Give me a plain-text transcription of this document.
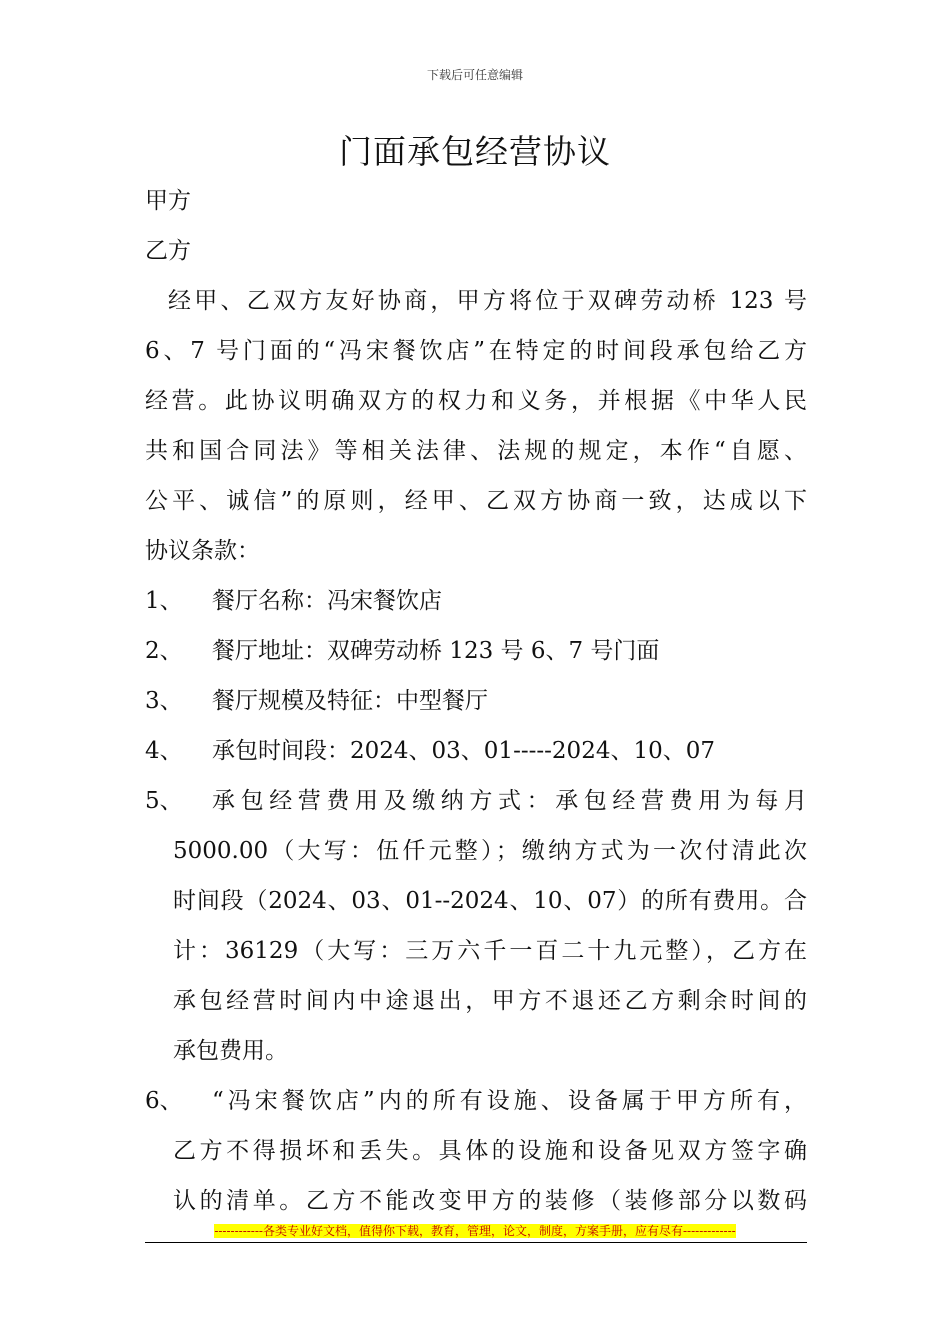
下载后可任意编辑
门面承包经营协议
甲方
乙方
经甲、乙双方友好协商，甲方将位于双碑劳动桥 123 号
6、7 号门面的“冯宋餐饮店”在特定的时间段承包给乙方
经营。此协议明确双方的权力和义务，并根据《中华人民
共和国合同法》等相关法律、法规的规定，本作“自愿、
公平、诚信”的原则，经甲、乙双方协商一致，达成以下
协议条款：
1、 餐厅名称：冯宋餐饮店
2、 餐厅地址：双碑劳动桥 123 号 6、7 号门面
3、 餐厅规模及特征：中型餐厅
4、 承包时间段：2024、03、01-----2024、10、07
5、	承包经营费用及缴纳方式：承包经营费用为每月
5000.00（大写：伍仟元整）；缴纳方式为一次付清此次
时间段（2024、03、01--2024、10、07）的所有费用。合
计：36129（大写：三万六千一百二十九元整），乙方在
承包经营时间内中途退出，甲方不退还乙方剩余时间的
承包费用。
6、	“冯宋餐饮店”内的所有设施、设备属于甲方所有，
乙方不得损坏和丢失。具体的设施和设备见双方签字确
认的清单。乙方不能改变甲方的装修（装修部分以数码
------------各类专业好文档，值得你下载，教育，管理，论文，制度，方案手册，应有尽有-------------
